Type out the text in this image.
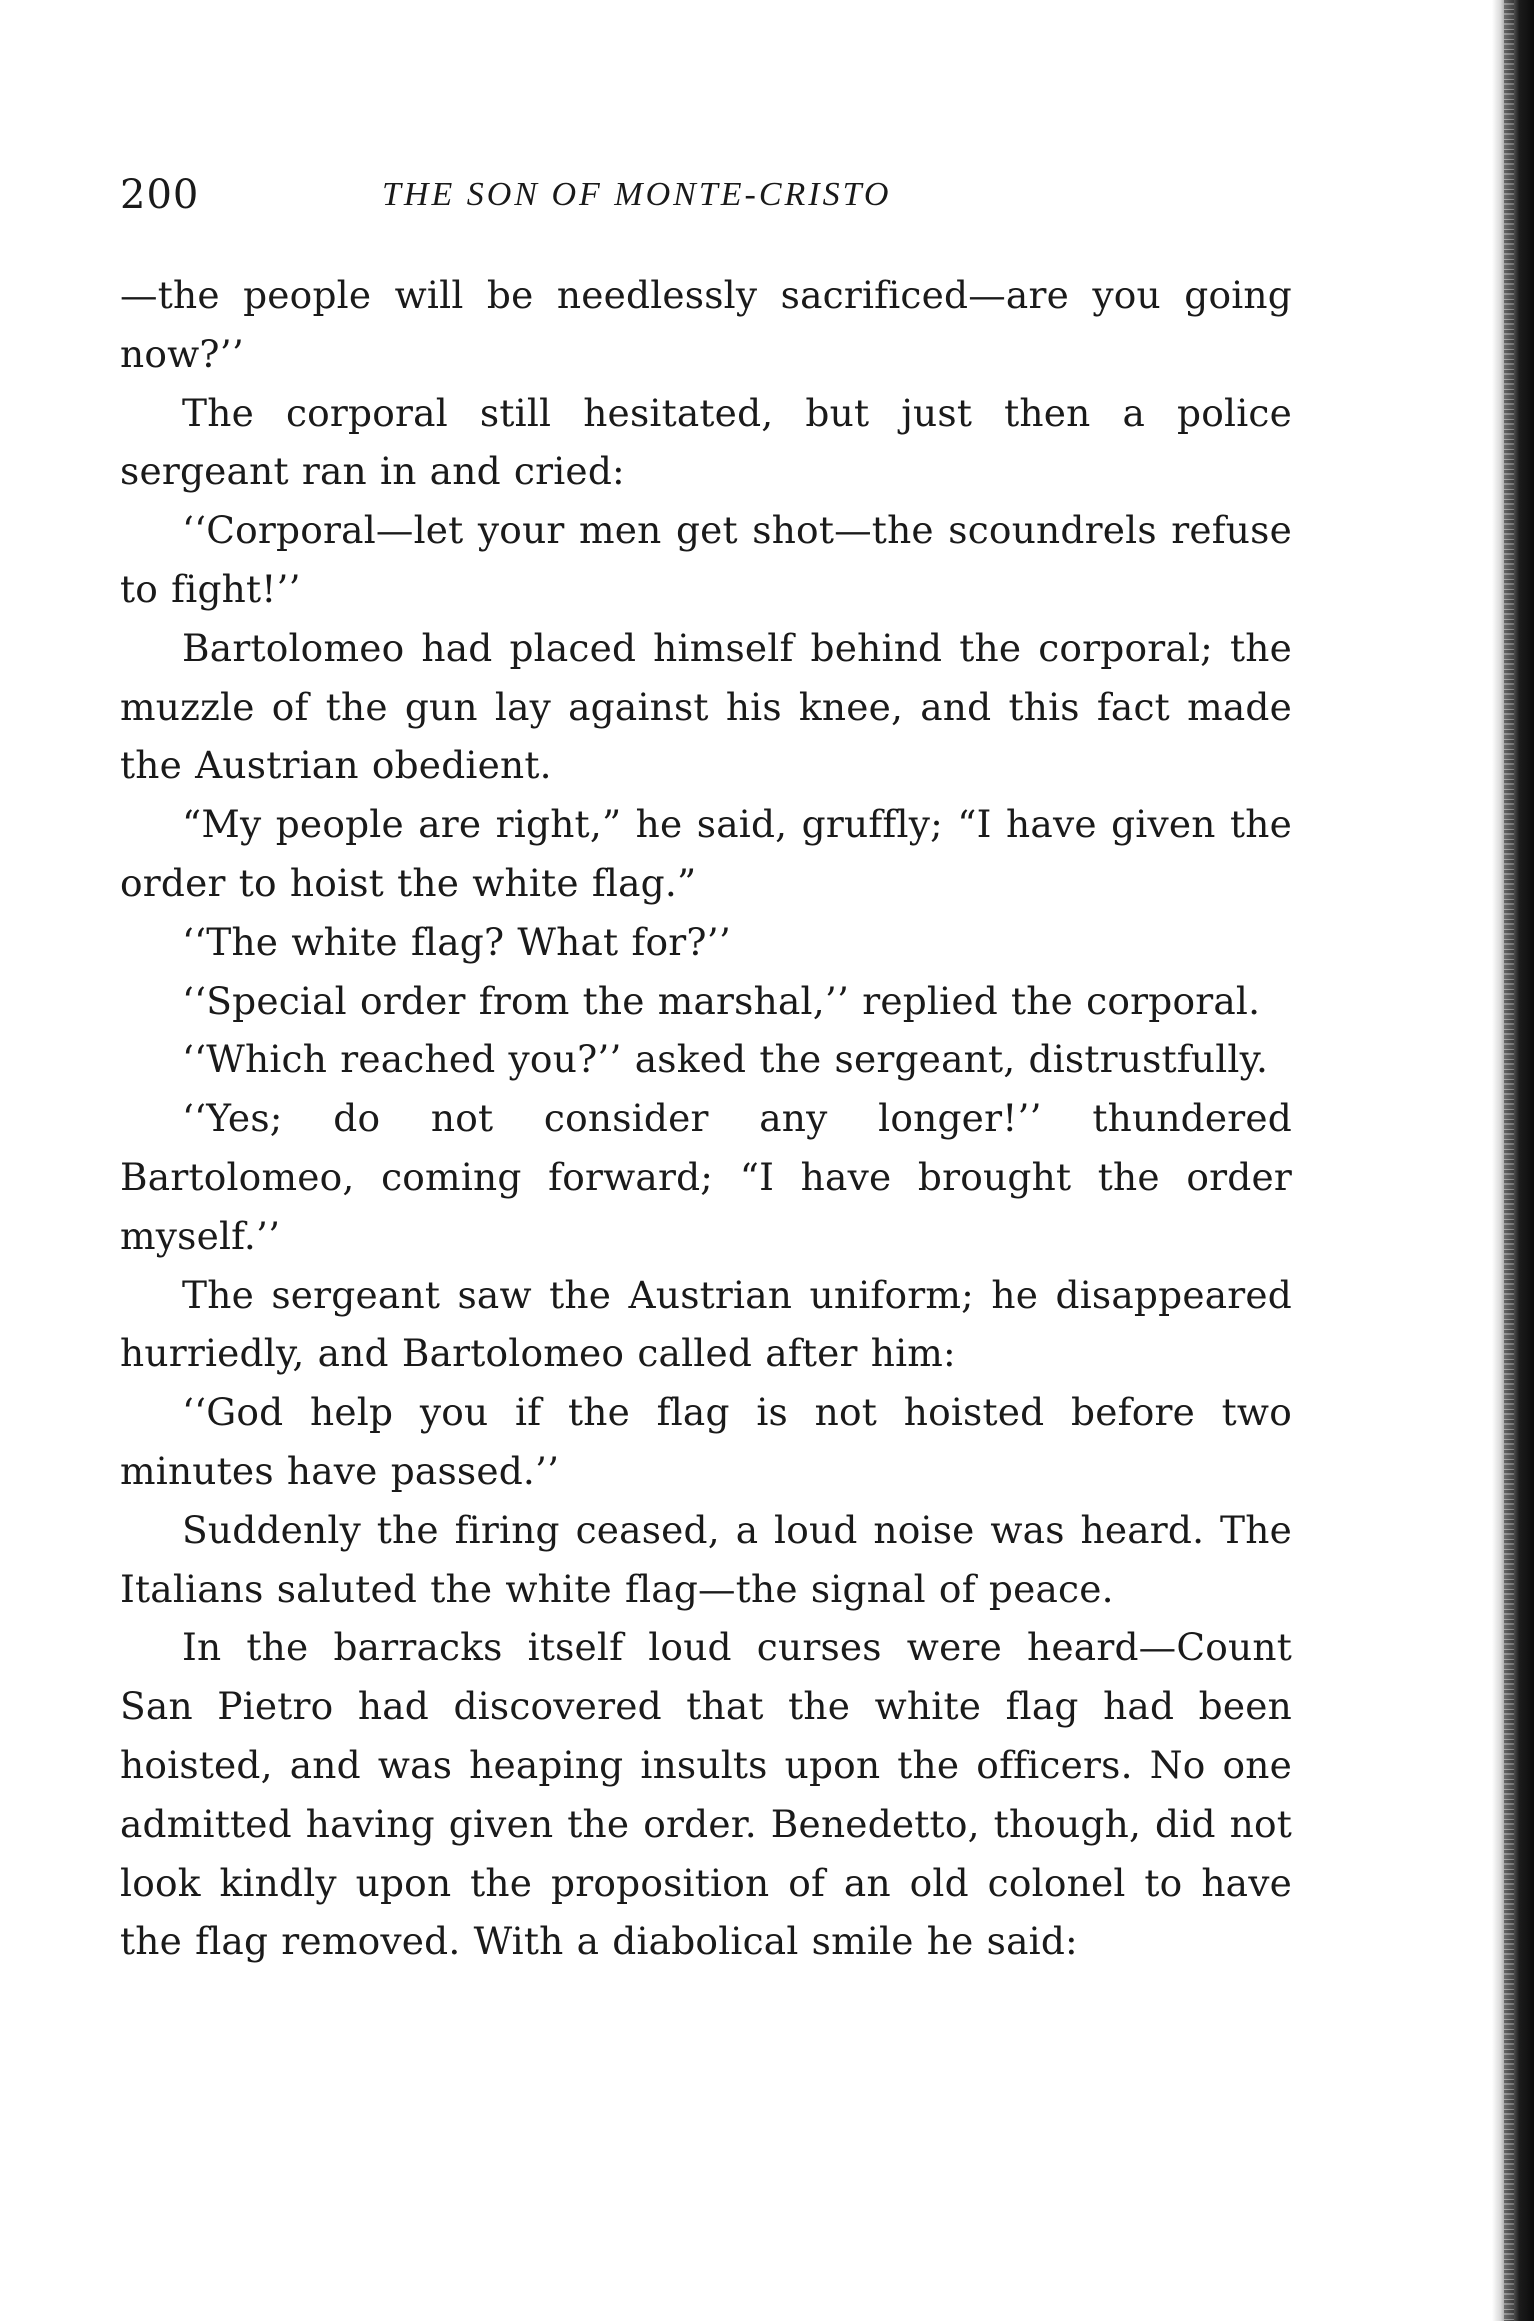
200	THE SON OF MONTE-CRISTO

—the people will be needlessly sacrificed—are you going now?’’

The corporal still hesitated, but just then a police sergeant ran in and cried:

‘‘Corporal—let your men get shot—the scoundrels refuse to fight!’’

Bartolomeo had placed himself behind the corporal; the muzzle of the gun lay against his knee, and this fact made the Austrian obedient.

“My people are right,” he said, gruffly; “I have given the order to hoist the white flag.”

‘‘The white flag? What for?’’

‘‘Special order from the marshal,’’ replied the corporal.

‘‘Which reached you?’’ asked the sergeant, distrustfully.

‘‘Yes; do not consider any longer!’’ thundered Bartolomeo, coming forward; “I have brought the order myself.’’

The sergeant saw the Austrian uniform; he disappeared hurriedly, and Bartolomeo called after him:

‘‘God help you if the flag is not hoisted before two minutes have passed.’’

Suddenly the firing ceased, a loud noise was heard. The Italians saluted the white flag—the signal of peace.

In the barracks itself loud curses were heard—Count San Pietro had discovered that the white flag had been hoisted, and was heaping insults upon the officers. No one admitted having given the order. Benedetto, though, did not look kindly upon the proposition of an old colonel to have the flag removed. With a diabolical smile he said:
